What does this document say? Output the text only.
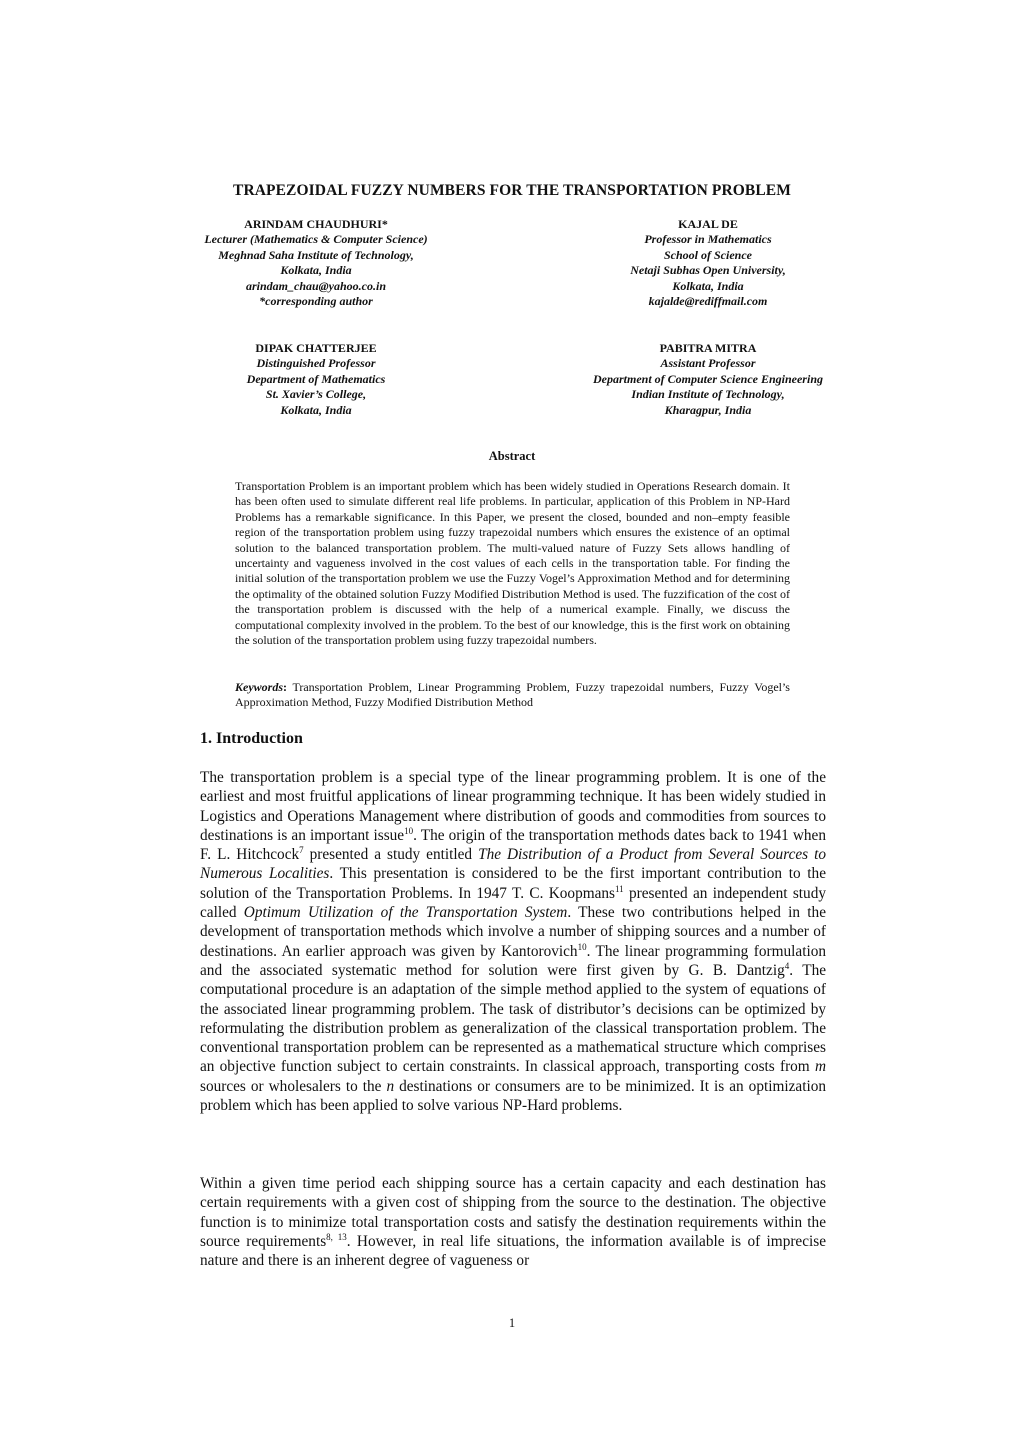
TRAPEZOIDAL FUZZY NUMBERS FOR THE TRANSPORTATION PROBLEM
ARINDAM CHAUDHURI*
Lecturer (Mathematics & Computer Science)
Meghnad Saha Institute of Technology,
Kolkata, India
arindam_chau@yahoo.co.in
*corresponding author
KAJAL DE
Professor in Mathematics
School of Science
Netaji Subhas Open University,
Kolkata, India
kajalde@rediffmail.com
DIPAK CHATTERJEE
Distinguished Professor
Department of Mathematics
St. Xavier’s College,
Kolkata, India
PABITRA MITRA
Assistant Professor
Department of Computer Science Engineering
Indian Institute of Technology,
Kharagpur, India
Abstract

Transportation Problem is an important problem which has been widely studied in Operations Research domain. It has been often used to simulate different real life problems. In particular, application of this Problem in NP-Hard Problems has a remarkable significance. In this Paper, we present the closed, bounded and non–empty feasible region of the transportation problem using fuzzy trapezoidal numbers which ensures the existence of an optimal solution to the balanced transportation problem. The multi-valued nature of Fuzzy Sets allows handling of uncertainty and vagueness involved in the cost values of each cells in the transportation table. For finding the initial solution of the transportation problem we use the Fuzzy Vogel’s Approximation Method and for determining the optimality of the obtained solution Fuzzy Modified Distribution Method is used. The fuzzification of the cost of the transportation problem is discussed with the help of a numerical example. Finally, we discuss the computational complexity involved in the problem. To the best of our knowledge, this is the first work on obtaining the solution of the transportation problem using fuzzy trapezoidal numbers.

Keywords: Transportation Problem, Linear Programming Problem, Fuzzy trapezoidal numbers, Fuzzy Vogel’s Approximation Method, Fuzzy Modified Distribution Method

1. Introduction

The transportation problem is a special type of the linear programming problem. It is one of the earliest and most fruitful applications of linear programming technique. It has been widely studied in Logistics and Operations Management where distribution of goods and commodities from sources to destinations is an important issue$^{10}$. The origin of the transportation methods dates back to 1941 when F. L. Hitchcock$^7$ presented a study entitled The Distribution of a Product from Several Sources to Numerous Localities. This presentation is considered to be the first important contribution to the solution of the Transportation Problems. In 1947 T. C. Koopmans$^{11}$ presented an independent study called Optimum Utilization of the Transportation System. These two contributions helped in the development of transportation methods which involve a number of shipping sources and a number of destinations. An earlier approach was given by Kantorovich$^{10}$. The linear programming formulation and the associated systematic method for solution were first given by G. B. Dantzig$^4$. The computational procedure is an adaptation of the simple method applied to the system of equations of the associated linear programming problem. The task of distributor’s decisions can be optimized by reformulating the distribution problem as generalization of the classical transportation problem. The conventional transportation problem can be represented as a mathematical structure which comprises an objective function subject to certain constraints. In classical approach, transporting costs from m sources or wholesalers to the n destinations or consumers are to be minimized. It is an optimization problem which has been applied to solve various NP-Hard problems.

Within a given time period each shipping source has a certain capacity and each destination has certain requirements with a given cost of shipping from the source to the destination. The objective function is to minimize total transportation costs and satisfy the destination requirements within the source requirements$^{8, 13}$. However, in real life situations, the information available is of imprecise nature and there is an inherent degree of vagueness or

1
